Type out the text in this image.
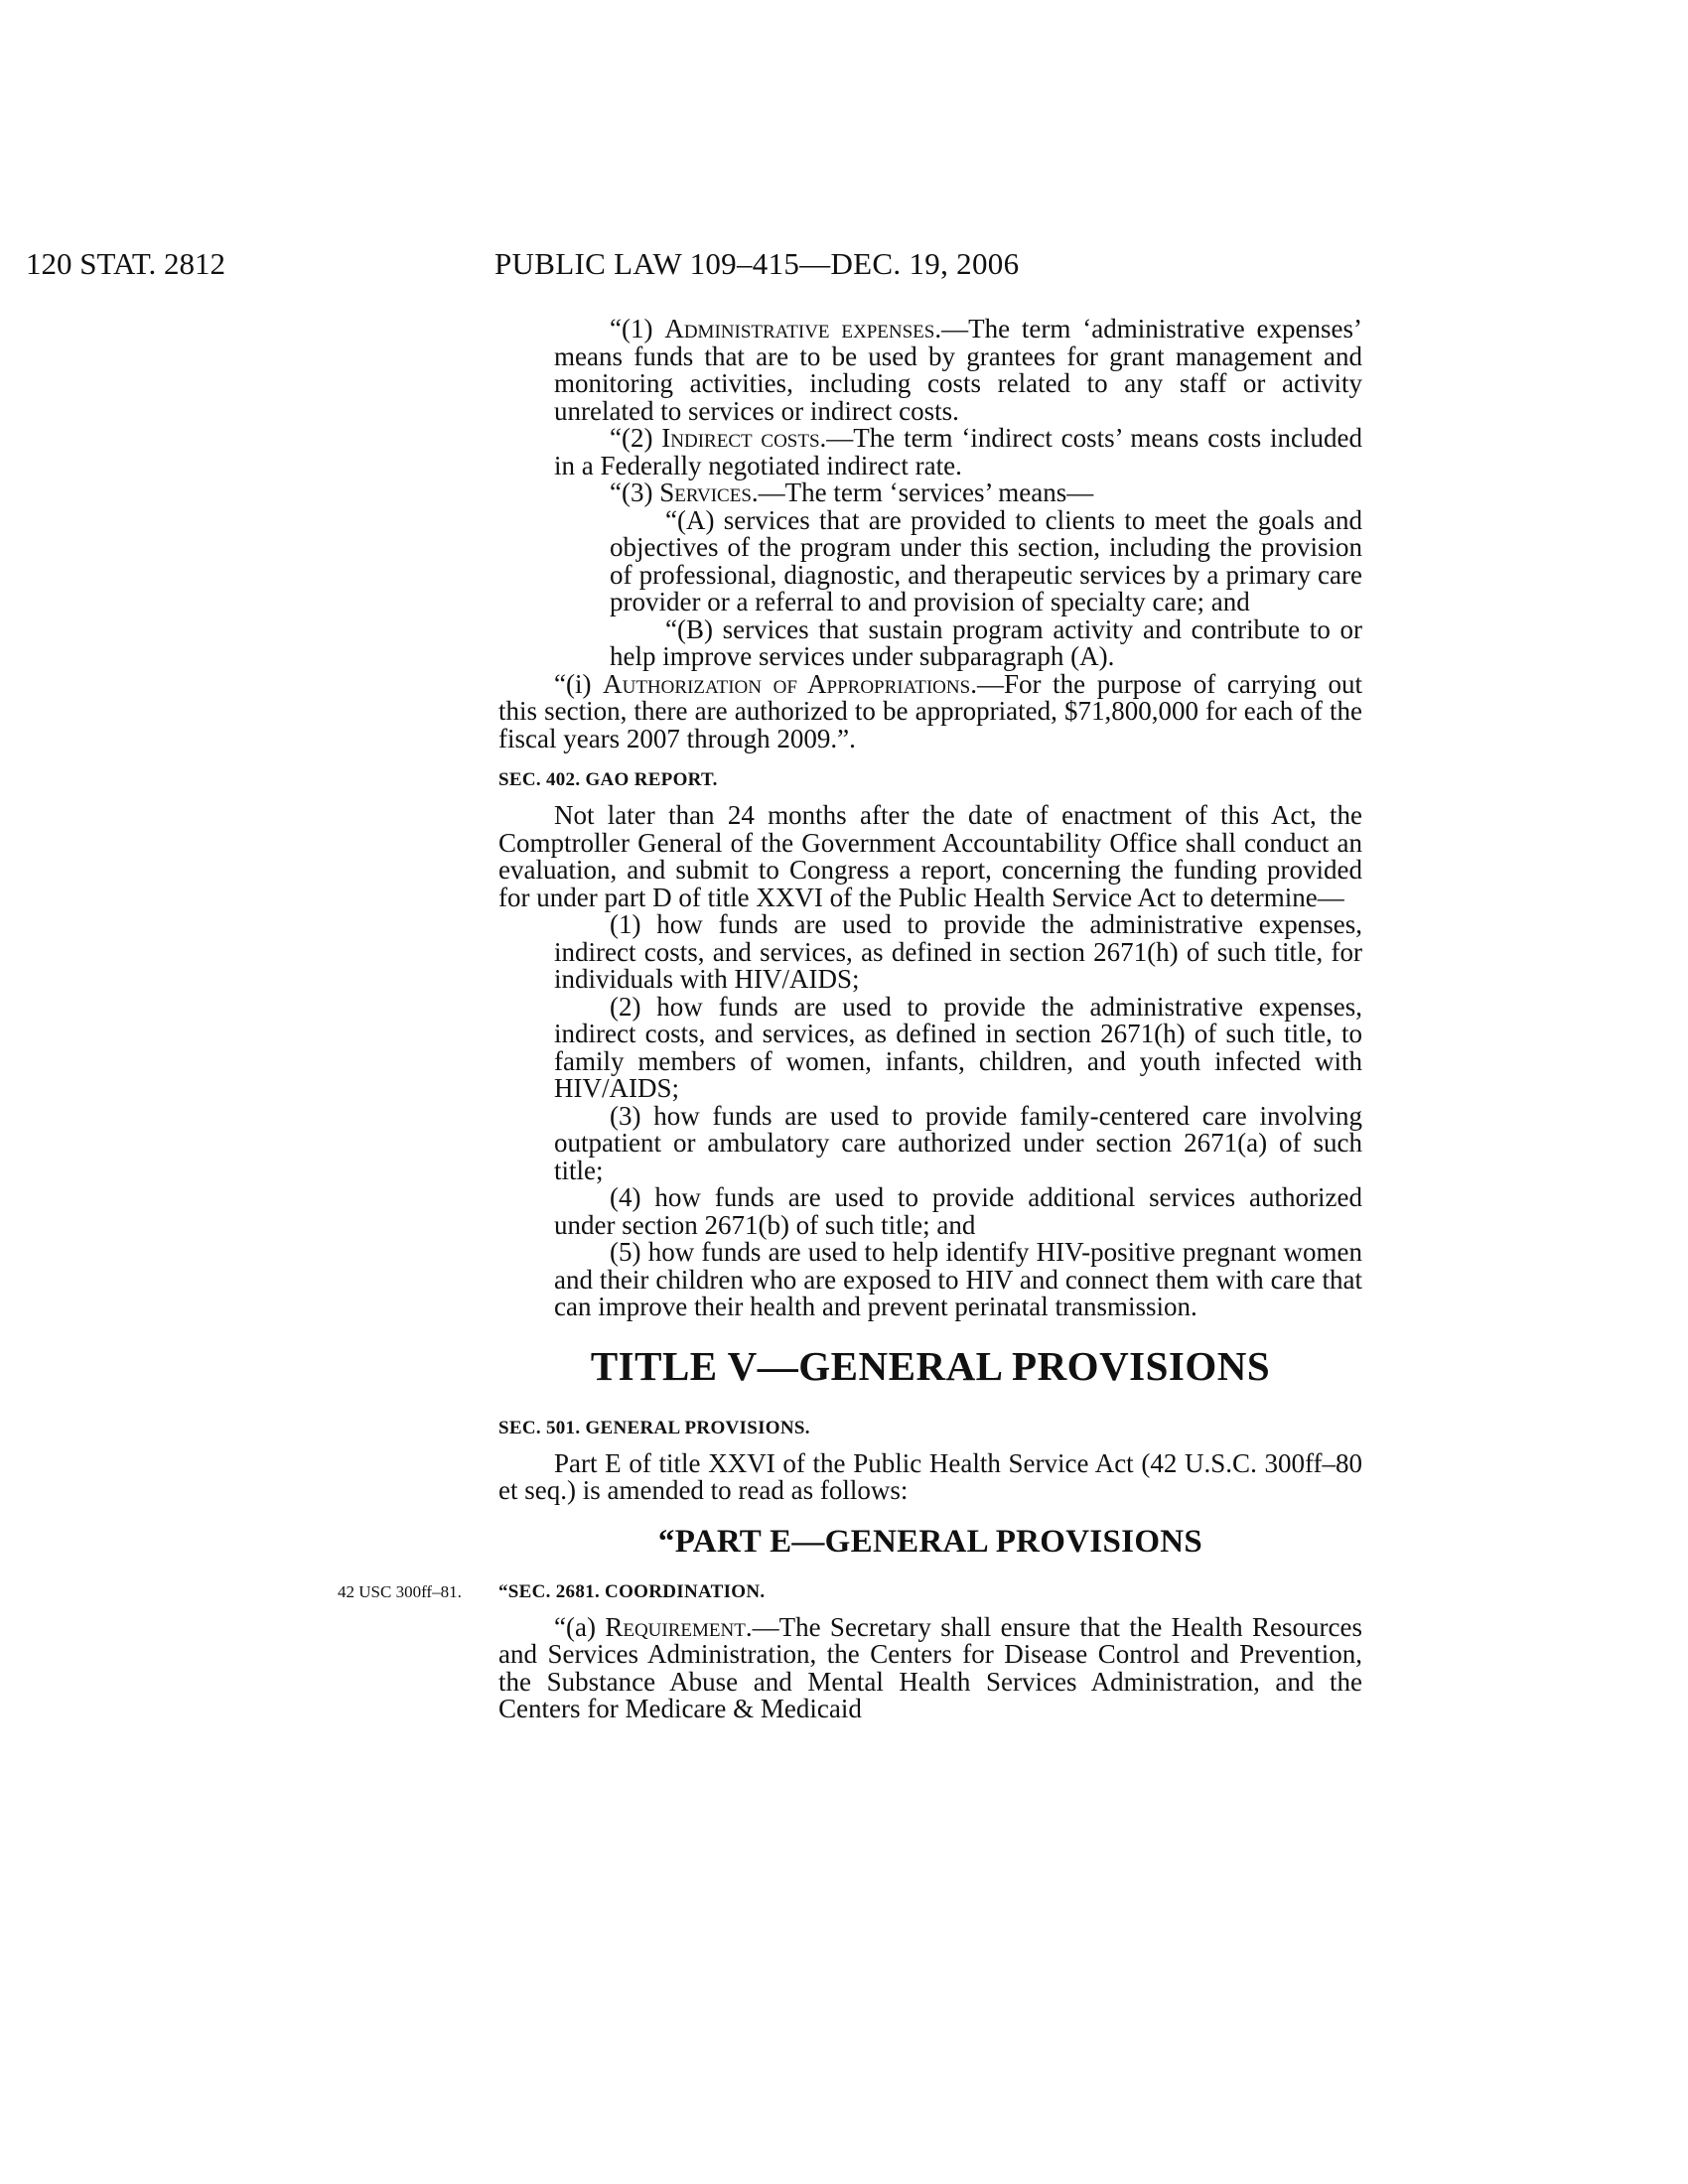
120 STAT. 2812	PUBLIC LAW 109–415—DEC. 19, 2006

“(1) Administrative expenses.—The term ‘administrative expenses’ means funds that are to be used by grantees for grant management and monitoring activities, including costs related to any staff or activity unrelated to services or indirect costs.

“(2) Indirect costs.—The term ‘indirect costs’ means costs included in a Federally negotiated indirect rate.

“(3) Services.—The term ‘services’ means—

“(A) services that are provided to clients to meet the goals and objectives of the program under this section, including the provision of professional, diagnostic, and therapeutic services by a primary care provider or a referral to and provision of specialty care; and

“(B) services that sustain program activity and contribute to or help improve services under subparagraph (A).

“(i) Authorization of Appropriations.—For the purpose of carrying out this section, there are authorized to be appropriated, $71,800,000 for each of the fiscal years 2007 through 2009.”.

SEC. 402. GAO REPORT.

Not later than 24 months after the date of enactment of this Act, the Comptroller General of the Government Accountability Office shall conduct an evaluation, and submit to Congress a report, concerning the funding provided for under part D of title XXVI of the Public Health Service Act to determine—

(1) how funds are used to provide the administrative expenses, indirect costs, and services, as defined in section 2671(h) of such title, for individuals with HIV/AIDS;

(2) how funds are used to provide the administrative expenses, indirect costs, and services, as defined in section 2671(h) of such title, to family members of women, infants, children, and youth infected with HIV/AIDS;

(3) how funds are used to provide family-centered care involving outpatient or ambulatory care authorized under section 2671(a) of such title;

(4) how funds are used to provide additional services authorized under section 2671(b) of such title; and

(5) how funds are used to help identify HIV-positive pregnant women and their children who are exposed to HIV and connect them with care that can improve their health and prevent perinatal transmission.

TITLE V—GENERAL PROVISIONS

SEC. 501. GENERAL PROVISIONS.

Part E of title XXVI of the Public Health Service Act (42 U.S.C. 300ff–80 et seq.) is amended to read as follows:

“PART E—GENERAL PROVISIONS

42 USC 300ff–81. “SEC. 2681. COORDINATION.

“(a) Requirement.—The Secretary shall ensure that the Health Resources and Services Administration, the Centers for Disease Control and Prevention, the Substance Abuse and Mental Health Services Administration, and the Centers for Medicare & Medicaid
